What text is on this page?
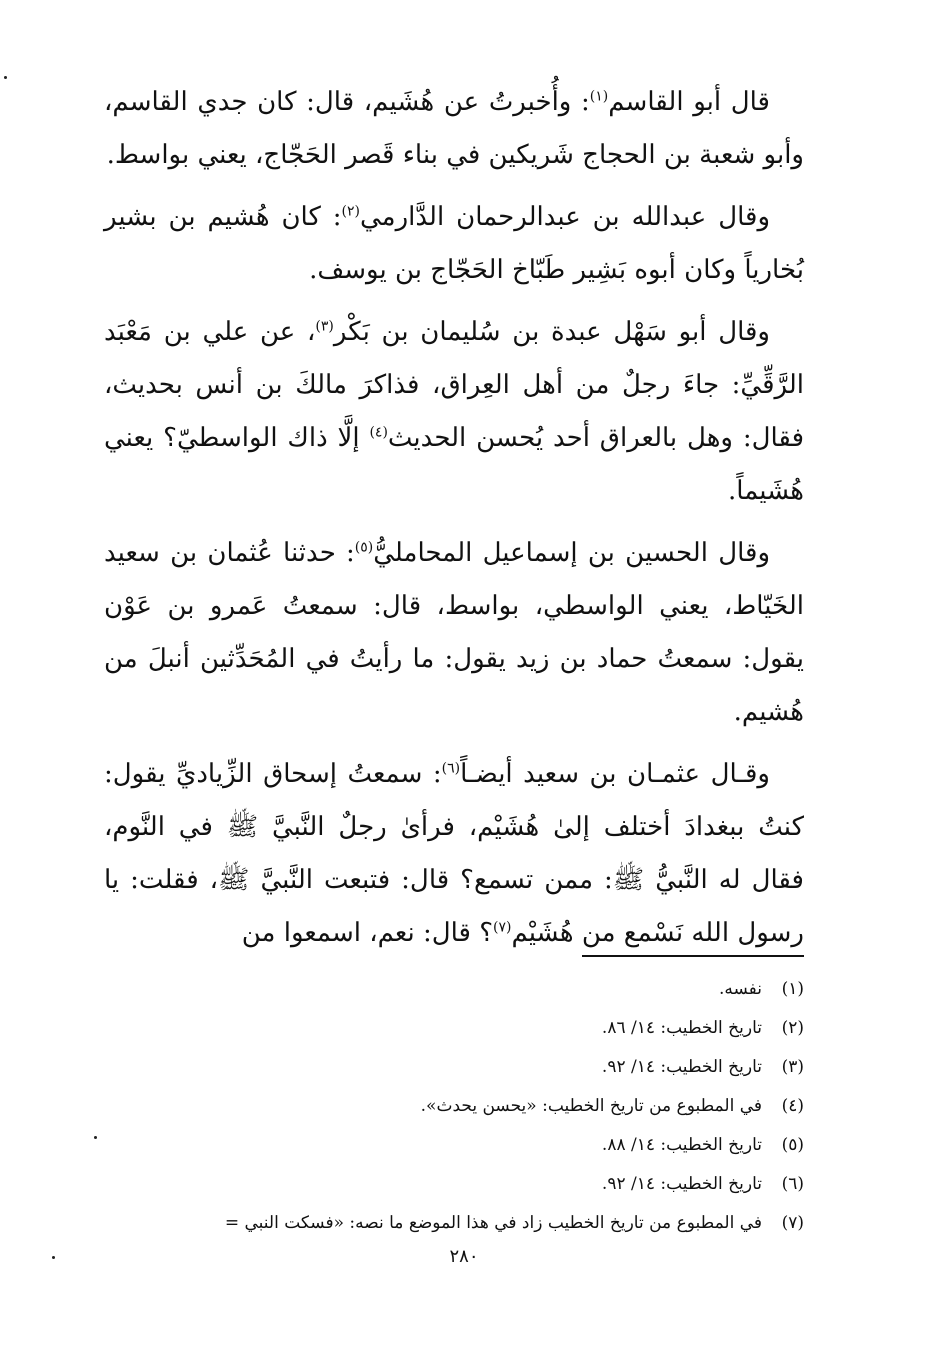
قال أبو القاسم$^{(١)}$: وأُخبرتُ عن هُشَيم، قال: كان جدي القاسم، وأبو شعبة بن الحجاج شَريكين في بناء قَصر الحَجّاج، يعني بواسط.

وقال عبدالله بن عبدالرحمان الدَّارمي$^{(٢)}$: كان هُشيم بن بشير بُخارياً وكان أبوه بَشِير طَبّاخ الحَجّاج بن يوسف.

وقال أبو سَهْل عبدة بن سُليمان بن بَكْر$^{(٣)}$، عن علي بن مَعْبَد الرَّقِّيِّ: جاءَ رجلٌ من أهل العِراق، فذاكرَ مالكَ بن أنس بحديث، فقال: وهل بالعراق أحد يُحسن الحديث$^{(٤)}$ إلَّا ذاك الواسطيّ؟ يعني هُشَيماً.

وقال الحسين بن إسماعيل المحامليُّ$^{(٥)}$: حدثنا عُثمان بن سعيد الخَيّاط، يعني الواسطي، بواسط، قال: سمعتُ عَمرو بن عَوْن يقول: سمعتُ حماد بن زيد يقول: ما رأيتُ في المُحَدِّثين أنبلَ من هُشيم.

وقـال عثمـان بن سعيد أيضـاً$^{(٦)}$: سمعتُ إسحاق الزِّياديِّ يقول: كنتُ ببغدادَ أختلف إلىٰ هُشَيْم، فرأىٰ رجلٌ النَّبيَّ ﷺ في النَّوم، فقال له النَّبيُّ ﷺ: ممن تسمع؟ قال: فتبعت النَّبيَّ ﷺ، فقلت: يا رسول الله نَسْمع من هُشَيْم$^{(٧)}$؟ قال: نعم، اسمعوا من

(١)
نفسه.
(٢)
تاريخ الخطيب: ١٤/ ٨٦.
(٣)
تاريخ الخطيب: ١٤/ ٩٢.
(٤)
في المطبوع من تاريخ الخطيب: «يحسن يحدث».
(٥)
تاريخ الخطيب: ١٤/ ٨٨.
(٦)
تاريخ الخطيب: ١٤/ ٩٢.
(٧)
في المطبوع من تاريخ الخطيب زاد في هذا الموضع ما نصه: «فسكت النبي =
٢٨٠
